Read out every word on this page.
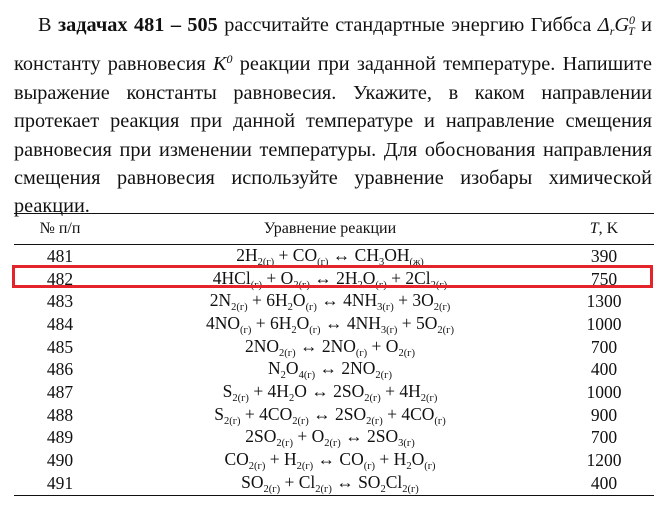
В задачах 481 – 505 рассчитайте стандартные энергию Гиббса $\Delta_rG^0_T$ и константу равновесия $K^0$ реакции при заданной температуре. Напишите выражение константы равновесия. Укажите, в каком направлении протекает реакция при данной температуре и направление смещения равновесия при изменении температуры. Для обоснования направления смещения равновесия используйте уравнение изобары химической реакции.
№ п/п	Уравнение реакции	T, K
481	$2H_{2(г)} + CO_{(г)}$ ↔ $CH_3OH_{(ж)}$	390
482	$4HCl_{(г)} + O_{2(г)}$ ↔ $2H_2O_{(г)} + 2Cl_{2(г)}$	750
483	$2N_{2(г)} + 6H_2O_{(г)}$ ↔ $4NH_{3(г)} + 3O_{2(г)}$	1300
484	$4NO_{(г)} + 6H_2O_{(г)}$ ↔ $4NH_{3(г)} + 5O_{2(г)}$	1000
485	$2NO_{2(г)}$ ↔ $2NO_{(г)} + O_{2(г)}$	700
486	$N_2O_{4(г)}$ ↔ $2NO_{2(г)}$	400
487	$S_{2(г)} + 4H_2O$ ↔ $2SO_{2(г)} + 4H_{2(г)}$	1000
488	$S_{2(г)} + 4CO_{2(г)}$ ↔ $2SO_{2(г)} + 4CO_{(г)}$	900
489	$2SO_{2(г)} + O_{2(г)}$ ↔ $2SO_{3(г)}$	700
490	$CO_{2(г)} + H_{2(г)}$ ↔ $CO_{(г)} + H_2O_{(г)}$	1200
491	$SO_{2(г)} + Cl_{2(г)}$ ↔ $SO_2Cl_{2(г)}$	400
